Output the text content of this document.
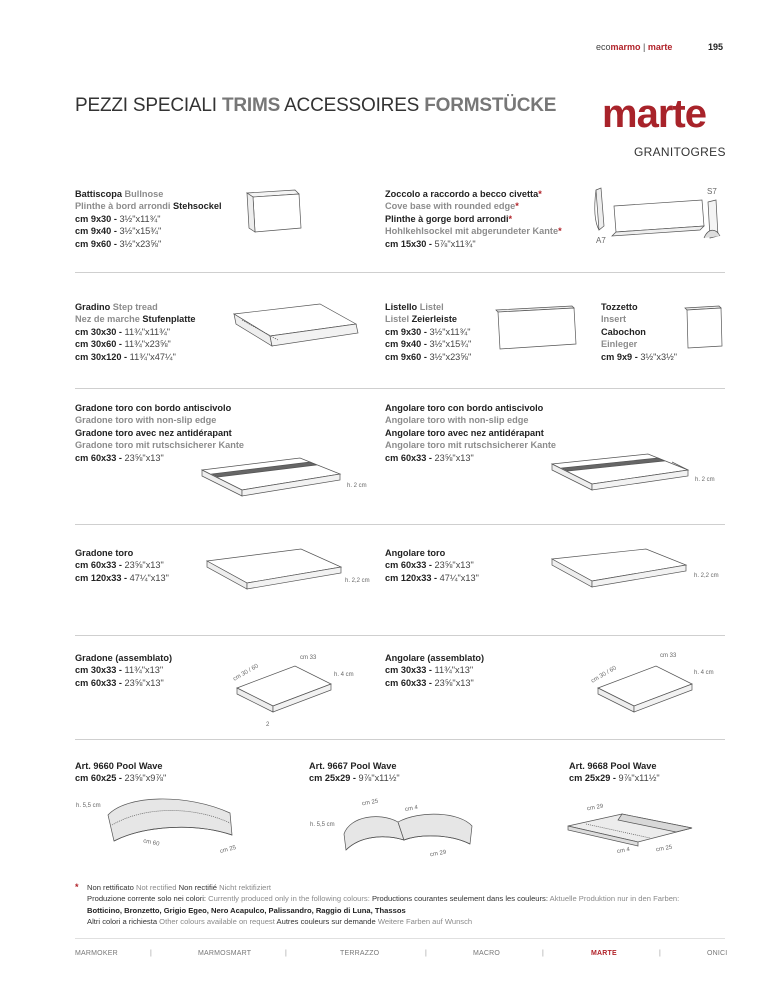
ecomarmo | marte	195
PEZZI SPECIALI TRIMS ACCESSOIRES FORMSTÜCKE marte
GRANITOGRES
Battiscopa Bullnose
Plinthe à bord arrondi Stehsockel
cm 9x30 - 3½"x11¾"
cm 9x40 - 3½"x15¾"
cm 9x60 - 3½"x23⅝"
Zoccolo a raccordo a becco civetta*
Cove base with rounded edge*
Plinthe à gorge bord arrondi*
Hohlkehlsockel mit abgerundeter Kante*
cm 15x30 - 5⅞"x11¾"
S7
A7
Gradino Step tread
Nez de marche Stufenplatte
cm 30x30 - 11¾"x11¾"
cm 30x60 - 11¾"x23⅝"
cm 30x120 - 11¾"x47¼"
Listello Listel
Listel Zeierleiste
cm 9x30 - 3½"x11¾"
cm 9x40 - 3½"x15¾"
cm 9x60 - 3½"x23⅝"
Tozzetto
Insert
Cabochon
Einleger
cm 9x9 - 3½"x3½"
Gradone toro con bordo antiscivolo
Gradone toro with non-slip edge
Gradone toro avec nez antidérapant
Gradone toro mit rutschsicherer Kante
cm 60x33 - 23⅝"x13"
h. 2 cm
Angolare toro con bordo antiscivolo
Angolare toro with non-slip edge
Angolare toro avec nez antidérapant
Angolare toro mit rutschsicherer Kante
cm 60x33 - 23⅝"x13"
h. 2 cm
Gradone toro
cm 60x33 - 23⅝"x13"
cm 120x33 - 47¼"x13"	h. 2,2 cm
Angolare toro
cm 60x33 - 23⅝"x13"
cm 120x33 - 47¼"x13"	h. 2,2 cm
Gradone (assemblato)
cm 30x33 - 11¾"x13"
cm 60x33 - 23⅝"x13"
cm 30 / 60
cm 33
h. 4 cm
2
Angolare (assemblato)
cm 30x33 - 11¾"x13"
cm 60x33 - 23⅝"x13"	cm 30 / 60
cm 33
h. 4 cm
Art. 9660 Pool Wave
cm 60x25 - 23⅝"x9⅞"
h. 5,5 cm
cm 60
cm 25
Art. 9667 Pool Wave
cm 25x29 - 9⅞"x11½"
cm 25
cm 4
h. 5,5 cm
cm 29
Art. 9668 Pool Wave
cm 25x29 - 9⅞"x11½"
cm 29
cm 4	cm 25
* Non rettificato Not rectified Non rectifié Nicht rektifiziert
Produzione corrente solo nei colori: Currently produced only in the following colours: Productions courantes seulement dans les couleurs: Aktuelle Produktion nur in den Farben:
Botticino, Bronzetto, Grigio Egeo, Nero Acapulco, Palissandro, Raggio di Luna, Thassos
Altri colori a richiesta Other colours available on request Autres couleurs sur demande Weitere Farben auf Wunsch
MARMOKER	|	MARMOSMART	|	TERRAZZO	|	MACRO	|	MARTE	|	ONICI
